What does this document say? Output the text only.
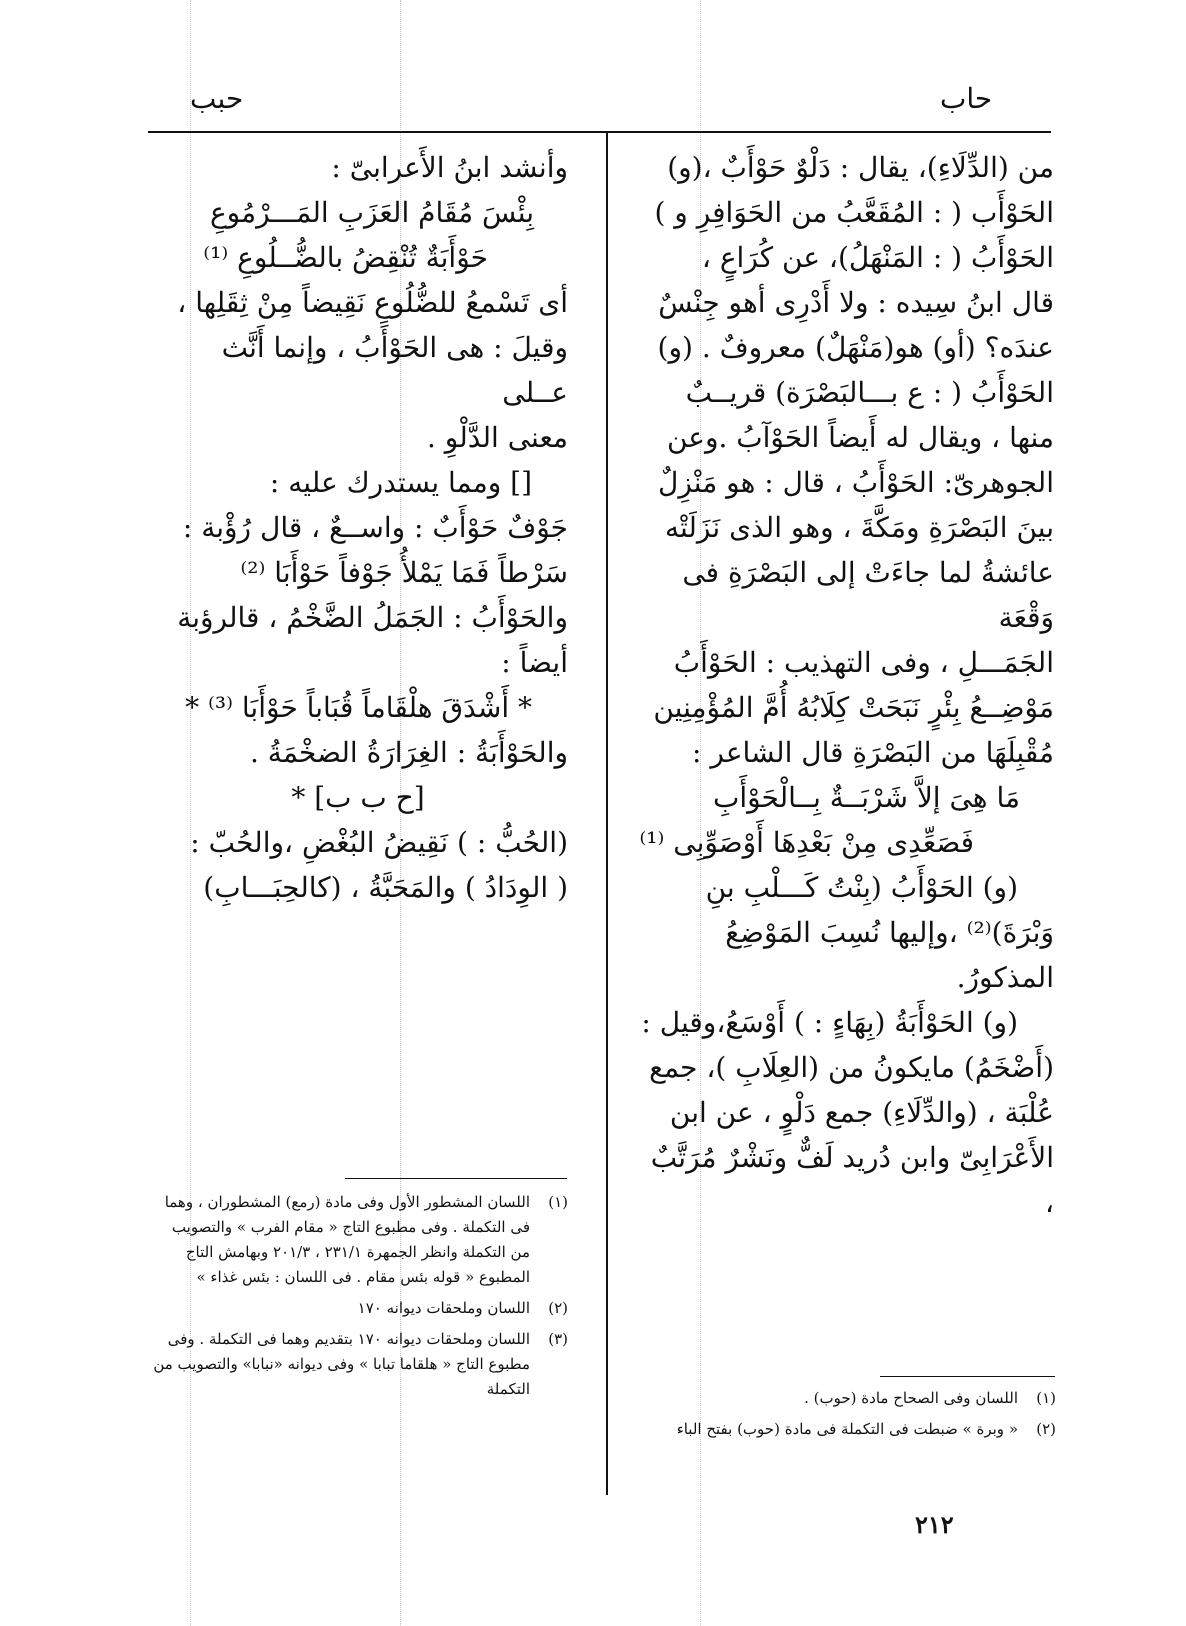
حاب
حبب

من (الدِّلَاءِ)، يقال : دَلْوٌ حَوْأَبٌ ،(و)

الحَوْأَب ( : المُقَعَّبُ من الحَوَافِرِ و )

الحَوْأَبُ ( : المَنْهَلُ)، عن كُرَاعٍ ،

قال ابنُ سِيده : ولا أَدْرِى أهو جِنْسٌ

عندَه؟ (أو) هو(مَنْهَلٌ) معروفٌ . (و)

الحَوْأَبُ ( : ع بـــالبَصْرَة) قريــبٌ

منها ، ويقال له أَيضاً الحَوْآبُ .وعن

الجوهرىّ: الحَوْأَبُ ، قال : هو مَنْزِلٌ

بينَ البَصْرَةِ ومَكَّةَ ، وهو الذى نَزَلَتْه

عائشةُ لما جاءَتْ إلى البَصْرَةِ فى وَقْعَة

الجَمَـــلِ ، وفى التهذيب : الحَوْأَبُ

مَوْضِــعُ بِئْرٍ نَبَحَتْ كِلَابُهُ أُمَّ المُؤْمِنِين

مُقْبِلَهَا من البَصْرَةِ قال الشاعر :

مَا هِىَ إلاَّ شَرْبَــةٌ بِــالْحَوْأَبِ

فَصَعِّدِى مِنْ بَعْدِهَا أَوْصَوِّبِى ⁽¹⁾

(و) الحَوْأَبُ (بِنْتُ كَـــلْبِ بنِ

وَبْرَةَ)⁽²⁾ ،وإليها نُسِبَ المَوْضِعُ المذكورُ.

(و) الحَوْأَبَةُ (بِهَاءٍ : ) أَوْسَعُ،وقيل :

(أَضْخَمُ) مايكونُ من (العِلَابِ )، جمع

عُلْبَة ، (والدِّلَاءِ) جمع دَلْوٍ ، عن ابن

الأَعْرَابِىّ وابن دُريد لَفٌّ ونَشْرٌ مُرَتَّبٌ ،

(١)
اللسان وفى الصحاح مادة (حوب) .
(٢)
« وبرة » ضبطت فى التكملة فى مادة (حوب) بفتح الباء

وأنشد ابنُ الأَعرابىّ :

بِئْسَ مُقَامُ العَزَبِ المَـــرْمُوعِ

حَوْأَبَةٌ تُنْقِضُ بالضُّــلُوعِ ⁽¹⁾

أى تَسْمعُ للضُّلُوعِ نَقِيضاً مِنْ ثِقَلِها ،

وقيلَ : هى الحَوْأَبُ ، وإنما أَنَّث عــلى

معنى الدَّلْوِ .

[] ومما يستدرك عليه :

جَوْفٌ حَوْأَبٌ : واســعٌ ، قال رُؤْبة :

سَرْطاً فَمَا يَمْلأُ جَوْفاً حَوْأَبَا ⁽²⁾

والحَوْأَبُ : الجَمَلُ الضَّخْمُ ، قالرؤبة

أيضاً :

* أَشْدَقَ هلْقَاماً قُبَاباً حَوْأَبَا ⁽³⁾ *

والحَوْأَبَةُ : الغِرَارَةُ الضخْمَةُ .

[ح ب ب] *

(الحُبُّ : ) نَقِيضُ البُغْضِ ،والحُبّ :

( الوِدَادُ ) والمَحَبَّةُ ، (كالحِبَـــابِ)

(١)
اللسان المشطور الأول وفى مادة (رمع) المشطوران ، وهما فى التكملة . وفى مطبوع التاج « مقام الفرب » والتصويب من التكملة وانظر الجمهرة ٢٣١/١ ، ٢٠١/٣ وبهامش التاج المطبوع « قوله بئس مقام . فى اللسان : بئس غذاء »
(٢)
اللسان وملحقات ديوانه ١٧٠
(٣)
اللسان وملحقات ديوانه ١٧٠ بتقديم وهما فى التكملة . وفى مطبوع التاج « هلقاما تبابا » وفى ديوانه «نبابا» والتصويب من التكملة
٢١٢
